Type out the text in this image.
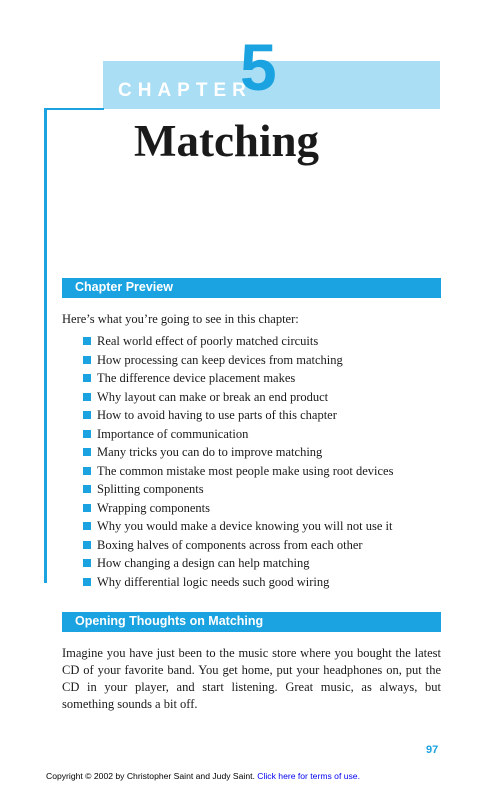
CHAPTER
5
Matching
Chapter Preview
Here’s what you’re going to see in this chapter:
Real world effect of poorly matched circuits
How processing can keep devices from matching
The difference device placement makes
Why layout can make or break an end product
How to avoid having to use parts of this chapter
Importance of communication
Many tricks you can do to improve matching
The common mistake most people make using root devices
Splitting components
Wrapping components
Why you would make a device knowing you will not use it
Boxing halves of components across from each other
How changing a design can help matching
Why differential logic needs such good wiring
Opening Thoughts on Matching

Imagine you have just been to the music store where you bought the latest CD of your favorite band. You get home, put your headphones on, put the CD in your player, and start listening. Great music, as always, but something sounds a bit off.

97
Copyright © 2002 by Christopher Saint and Judy Saint. Click here for terms of use.
